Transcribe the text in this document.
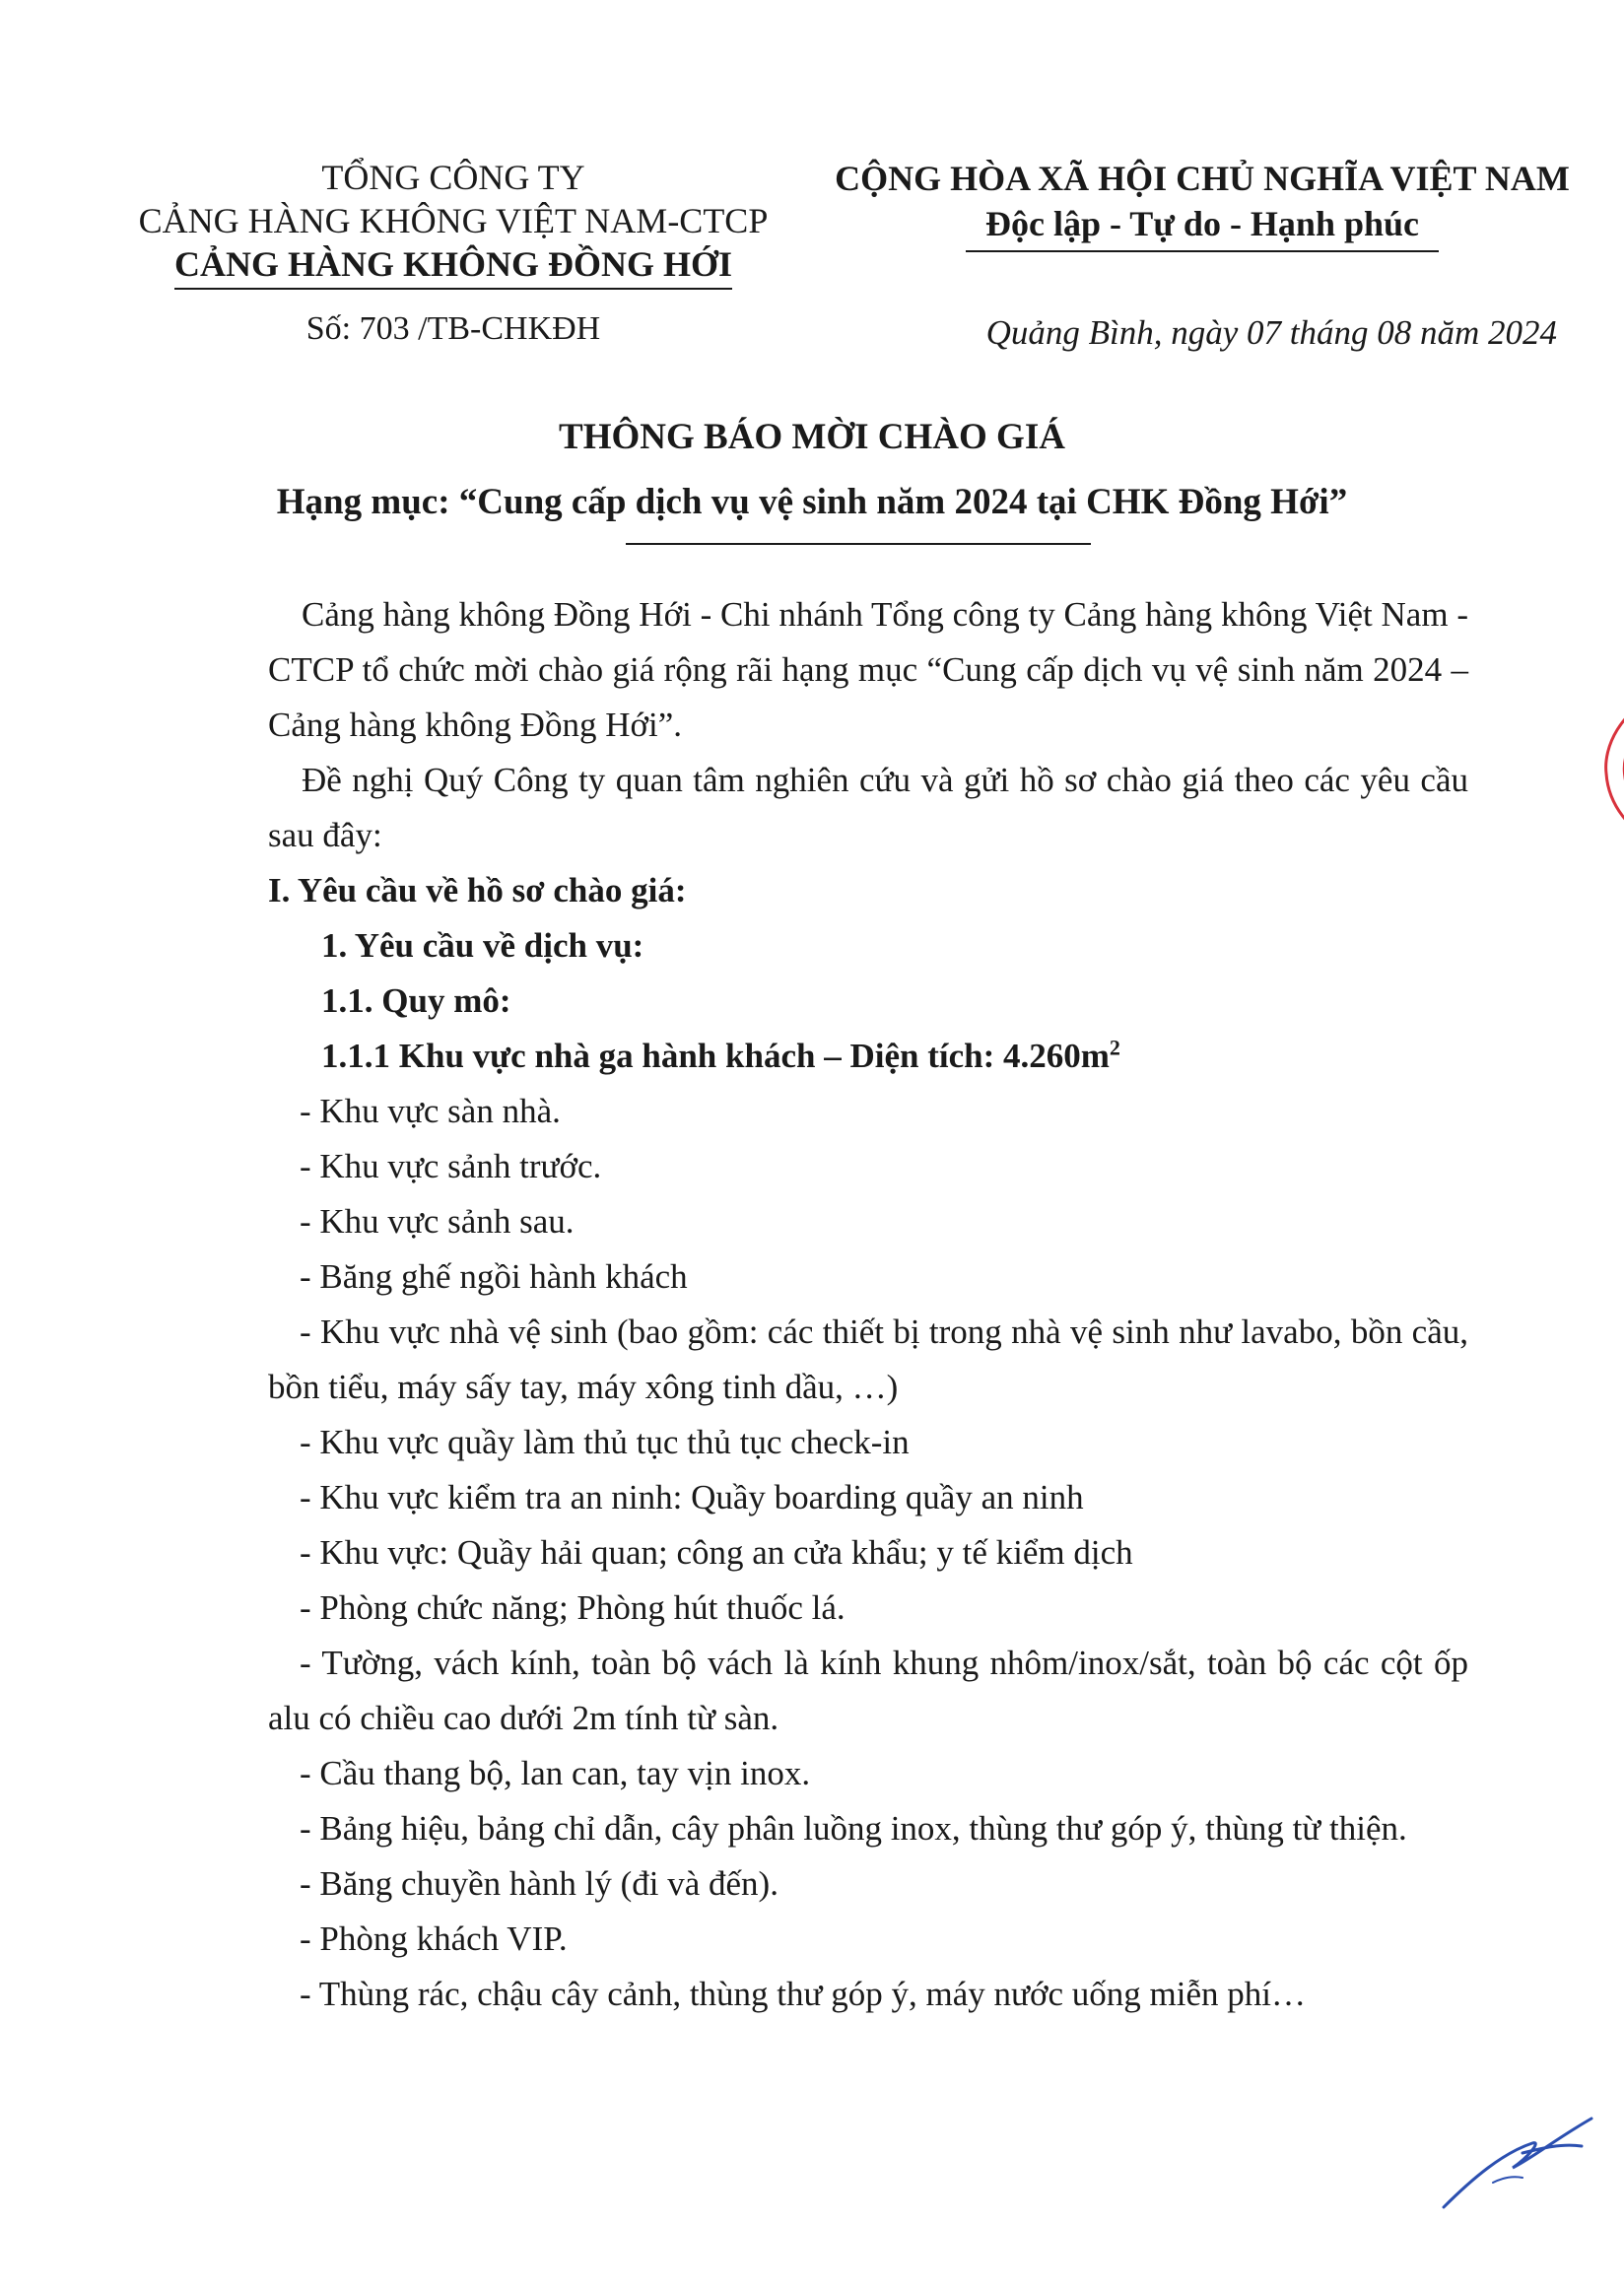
TỔNG CÔNG TY
CẢNG HÀNG KHÔNG VIỆT NAM-CTCP
CẢNG HÀNG KHÔNG ĐỒNG HỚI
CỘNG HÒA XÃ HỘI CHỦ NGHĨA VIỆT NAM
Độc lập - Tự do - Hạnh phúc
Số: 703 /TB-CHKĐH	Quảng Bình, ngày 07 tháng 08 năm 2024
THÔNG BÁO MỜI CHÀO GIÁ
Hạng mục: “Cung cấp dịch vụ vệ sinh năm 2024 tại CHK Đồng Hới”

Cảng hàng không Đồng Hới - Chi nhánh Tổng công ty Cảng hàng không Việt Nam - CTCP tổ chức mời chào giá rộng rãi hạng mục “Cung cấp dịch vụ vệ sinh năm 2024 – Cảng hàng không Đồng Hới”.

Đề nghị Quý Công ty quan tâm nghiên cứu và gửi hồ sơ chào giá theo các yêu cầu sau đây:

I. Yêu cầu về hồ sơ chào giá:

1. Yêu cầu về dịch vụ:

1.1. Quy mô:

1.1.1 Khu vực nhà ga hành khách – Diện tích: $4.260m^2$

- Khu vực sàn nhà.

- Khu vực sảnh trước.

- Khu vực sảnh sau.

- Băng ghế ngồi hành khách

- Khu vực nhà vệ sinh (bao gồm: các thiết bị trong nhà vệ sinh như lavabo, bồn cầu, bồn tiểu, máy sấy tay, máy xông tinh dầu, …)

- Khu vực quầy làm thủ tục thủ tục check-in

- Khu vực kiểm tra an ninh: Quầy boarding quầy an ninh

- Khu vực: Quầy hải quan; công an cửa khẩu; y tế kiểm dịch

- Phòng chức năng; Phòng hút thuốc lá.

- Tường, vách kính, toàn bộ vách là kính khung nhôm/inox/sắt, toàn bộ các cột ốp alu có chiều cao dưới 2m tính từ sàn.

- Cầu thang bộ, lan can, tay vịn inox.

- Bảng hiệu, bảng chỉ dẫn, cây phân luồng inox, thùng thư góp ý, thùng từ thiện.

- Băng chuyền hành lý (đi và đến).

- Phòng khách VIP.

- Thùng rác, chậu cây cảnh, thùng thư góp ý, máy nước uống miễn phí…
